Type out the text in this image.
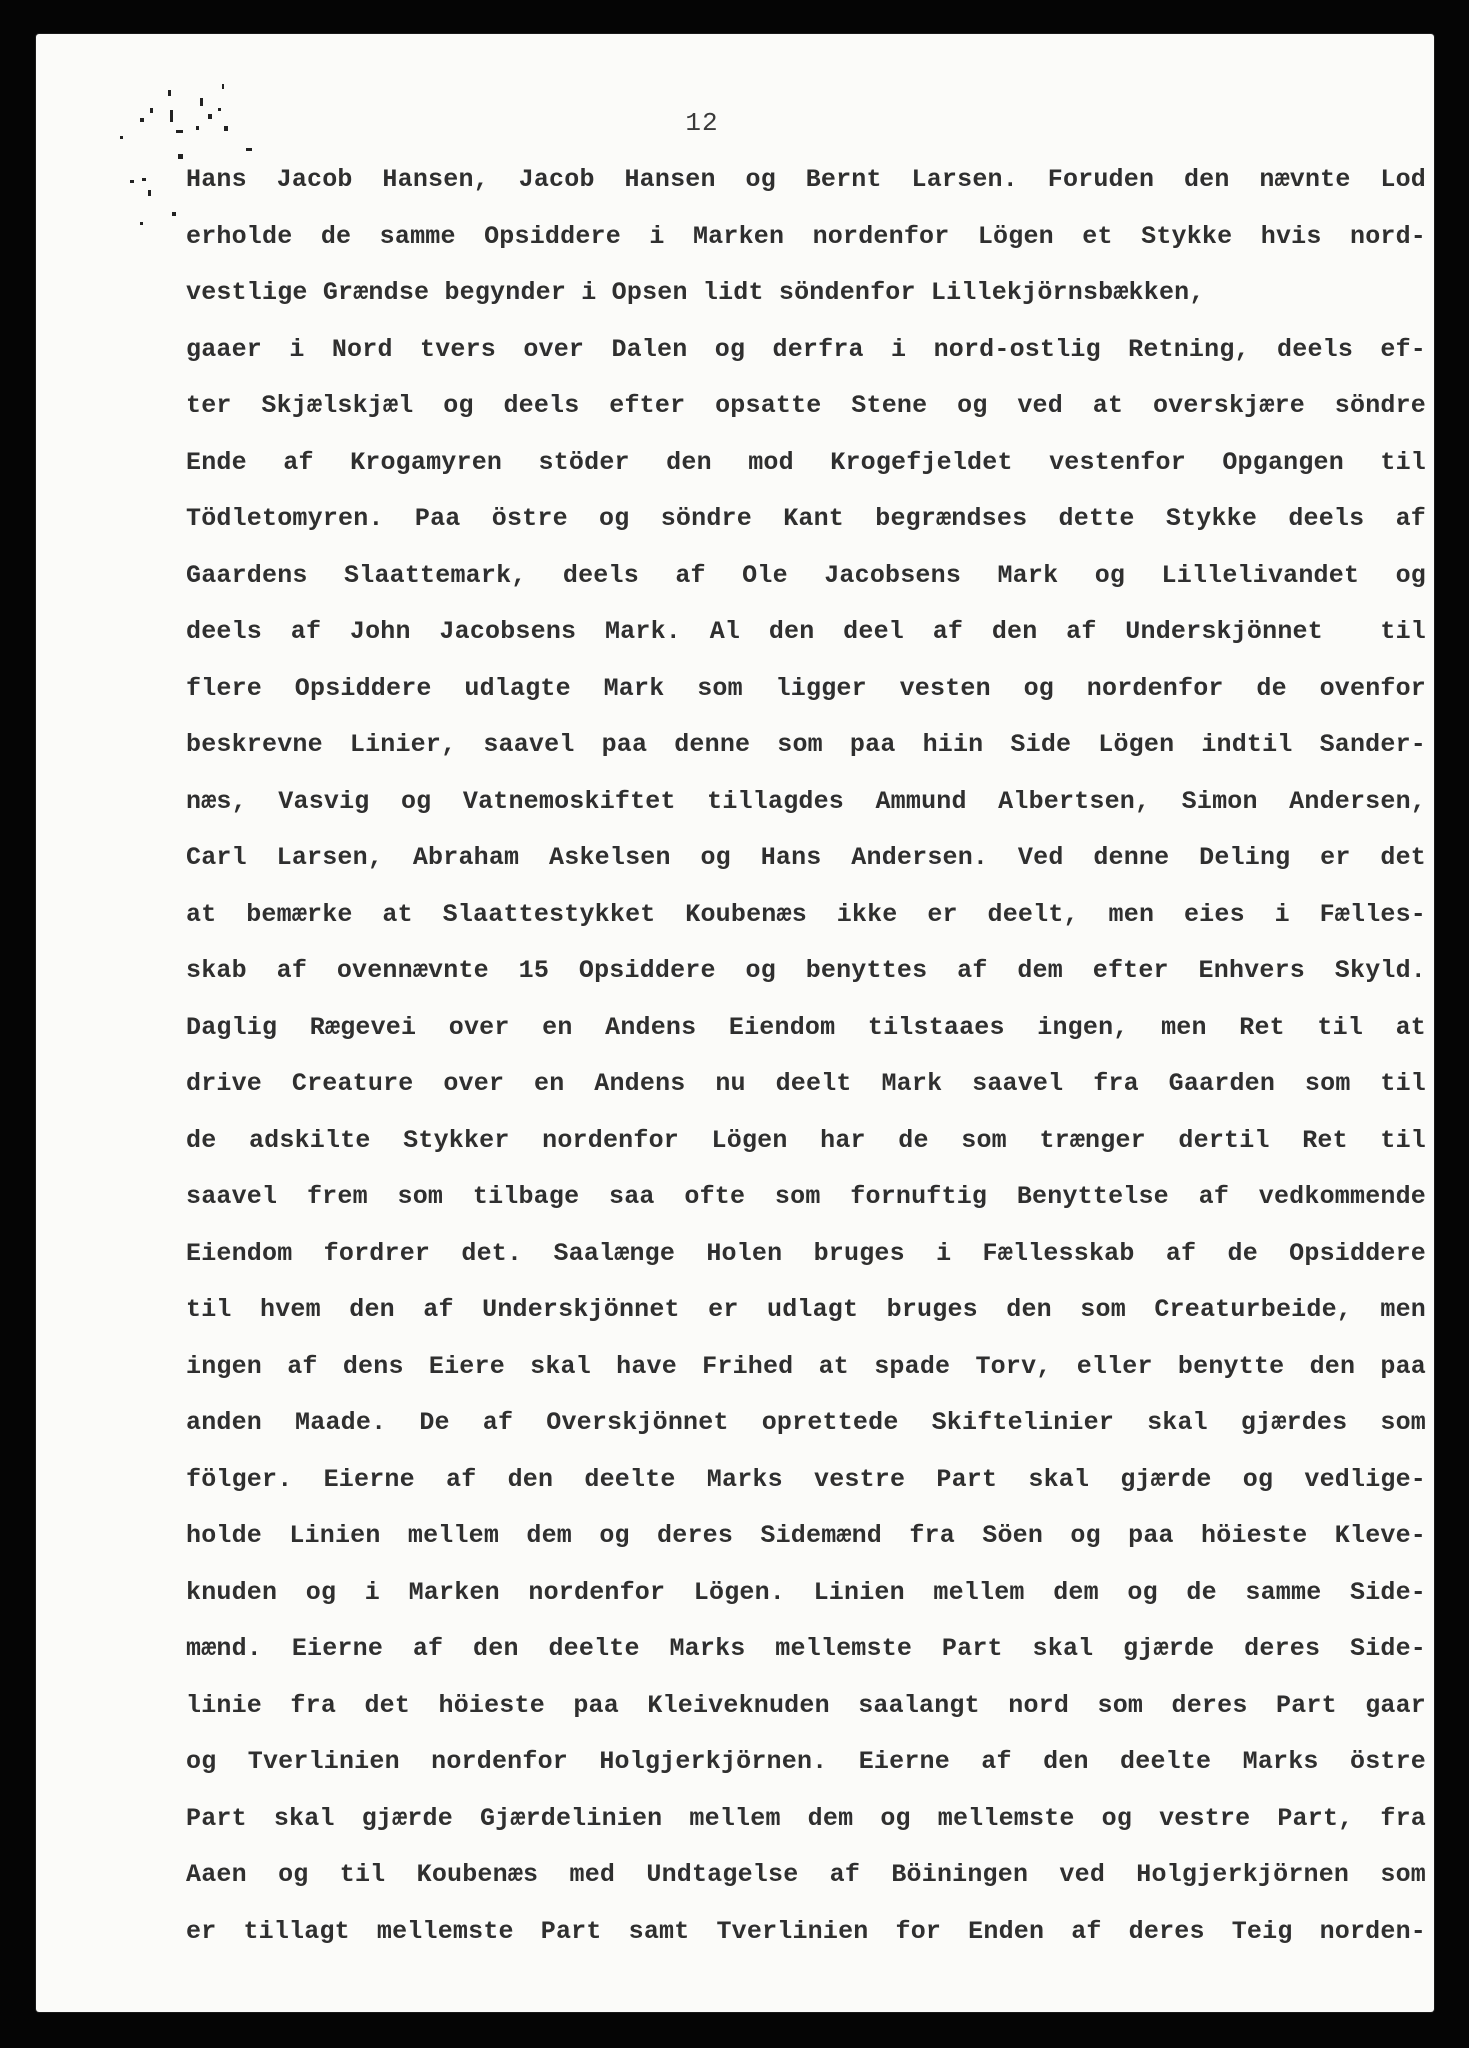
12
Hans Jacob Hansen, Jacob Hansen og Bernt Larsen. Foruden den nævnte Lod
erholde de samme Opsiddere i Marken nordenfor Lögen et Stykke hvis nord-
vestlige Grændse begynder i Opsen lidt söndenfor Lillekjörnsbækken,
gaaer i Nord tvers over Dalen og derfra i nord-ostlig Retning, deels ef-
ter Skjælskjæl og deels efter opsatte Stene og ved at overskjære söndre
Ende af Krogamyren stöder den mod Krogefjeldet vestenfor Opgangen til
Tödletomyren. Paa östre og söndre Kant begrændses dette Stykke deels af
Gaardens Slaattemark, deels af Ole Jacobsens Mark og Lillelivandet og
deels af John Jacobsens Mark. Al den deel af den af Underskjönnet  til
flere Opsiddere udlagte Mark som ligger vesten og nordenfor de ovenfor
beskrevne Linier, saavel paa denne som paa hiin Side Lögen indtil Sander-
næs, Vasvig og Vatnemoskiftet tillagdes Ammund Albertsen, Simon Andersen,
Carl Larsen, Abraham Askelsen og Hans Andersen. Ved denne Deling er det
at bemærke at Slaattestykket Koubenæs ikke er deelt, men eies i Fælles-
skab af ovennævnte 15 Opsiddere og benyttes af dem efter Enhvers Skyld.
Daglig Rægevei over en Andens Eiendom tilstaaes ingen, men Ret til at
drive Creature over en Andens nu deelt Mark saavel fra Gaarden som til
de adskilte Stykker nordenfor Lögen har de som trænger dertil Ret til
saavel frem som tilbage saa ofte som fornuftig Benyttelse af vedkommende
Eiendom fordrer det. Saalænge Holen bruges i Fællesskab af de Opsiddere
til hvem den af Underskjönnet er udlagt bruges den som Creaturbeide, men
ingen af dens Eiere skal have Frihed at spade Torv, eller benytte den paa
anden Maade. De af Overskjönnet oprettede Skiftelinier skal gjærdes som
fölger. Eierne af den deelte Marks vestre Part skal gjærde og vedlige-
holde Linien mellem dem og deres Sidemænd fra Söen og paa höieste Kleve-
knuden og i Marken nordenfor Lögen. Linien mellem dem og de samme Side-
mænd. Eierne af den deelte Marks mellemste Part skal gjærde deres Side-
linie fra det höieste paa Kleiveknuden saalangt nord som deres Part gaar
og Tverlinien nordenfor Holgjerkjörnen. Eierne af den deelte Marks östre
Part skal gjærde Gjærdelinien mellem dem og mellemste og vestre Part, fra
Aaen og til Koubenæs med Undtagelse af Böiningen ved Holgjerkjörnen som
er tillagt mellemste Part samt Tverlinien for Enden af deres Teig norden-
